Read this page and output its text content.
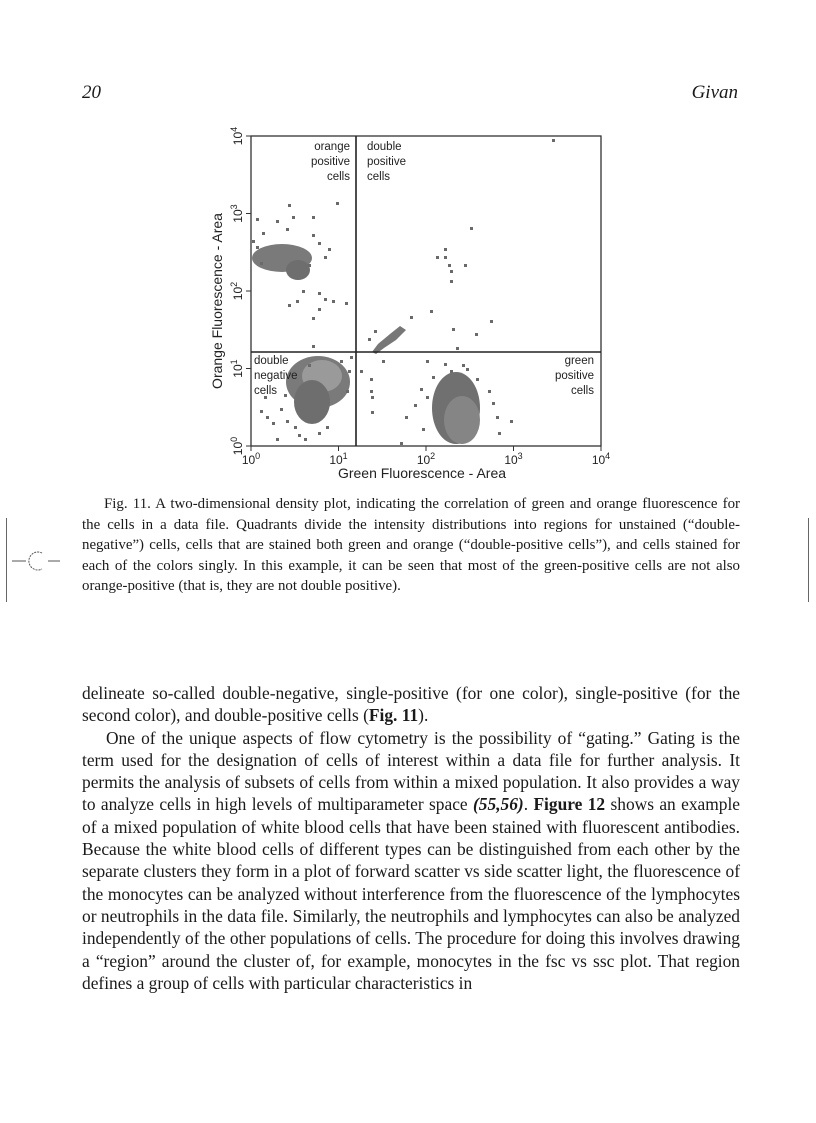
20	Givan
orange
positive
cells
double
positive
cells
double
negative
cells
green
positive
cells
$10^0$	$10^1$	$10^2$	$10^3$	$10^4$
$10^0$
$10^1$
$10^2$
$10^3$
$10^4$
Green Fluorescence - Area
Orange Fluorescence - Area

Fig. 11. A two-dimensional density plot, indicating the correlation of green and orange fluorescence for the cells in a data file. Quadrants divide the intensity distributions into regions for unstained (“double-negative”) cells, cells that are stained both green and orange (“double-positive cells”), and cells stained for each of the colors singly. In this example, it can be seen that most of the green-positive cells are not also orange-positive (that is, they are not double positive).

delineate so-called double-negative, single-positive (for one color), single-positive (for the second color), and double-positive cells (Fig. 11).

One of the unique aspects of flow cytometry is the possibility of “gating.” Gating is the term used for the designation of cells of interest within a data file for further analysis. It permits the analysis of subsets of cells from within a mixed population. It also provides a way to analyze cells in high levels of multiparameter space (55,56). Figure 12 shows an example of a mixed population of white blood cells that have been stained with fluorescent antibodies. Because the white blood cells of different types can be distinguished from each other by the separate clusters they form in a plot of forward scatter vs side scatter light, the fluorescence of the monocytes can be analyzed without interference from the fluorescence of the lymphocytes or neutrophils in the data file. Similarly, the neutrophils and lymphocytes can also be analyzed independently of the other populations of cells. The procedure for doing this involves drawing a “region” around the cluster of, for example, monocytes in the fsc vs ssc plot. That region defines a group of cells with particular characteristics in
